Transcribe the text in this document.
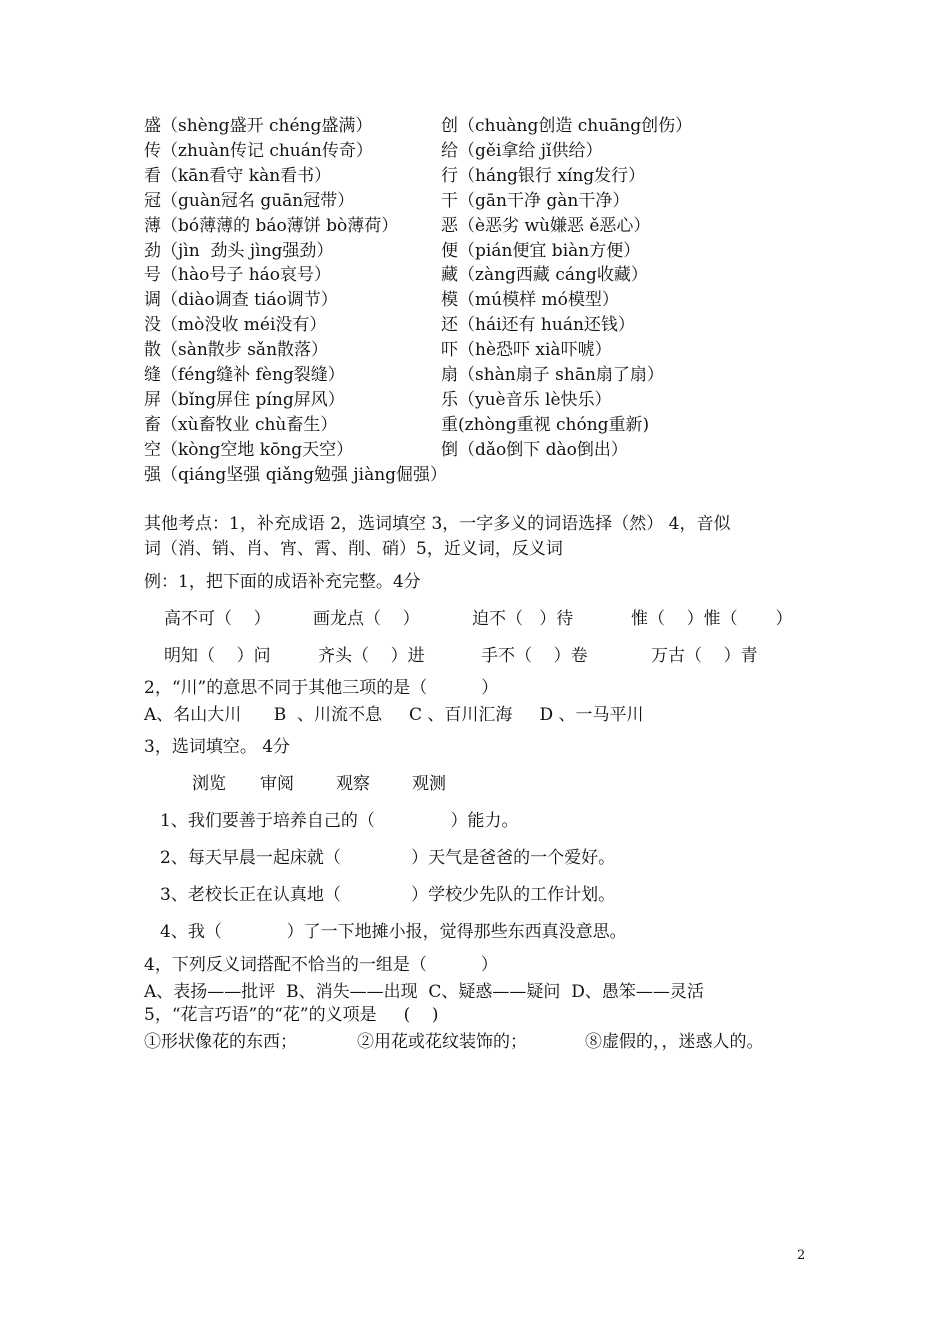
盛（shèng盛开 chéng盛满）	创（chuàng创造 chuāng创伤）
传（zhuàn传记 chuán传奇）	给（gěi拿给 jǐ供给）
看（kān看守 kàn看书）	行（háng银行 xíng发行）
冠（guàn冠名 guān冠带）	干（gān干净 gàn干净）
薄（bó薄薄的 báo薄饼 bò薄荷）	恶（è恶劣 wù嫌恶 ě恶心）
劲（jìn  劲头 jìng强劲）	便（pián便宜 biàn方便）
号（hào号子 háo哀号）	藏（zàng西藏 cáng收藏）
调（diào调查 tiáo调节）	模（mú模样 mó模型）
没（mò没收 méi没有）	还（hái还有 huán还钱）
散（sàn散步 sǎn散落）	吓（hè恐吓 xià吓唬）
缝（féng缝补 fèng裂缝）	扇（shàn扇子 shān扇了扇）
屏（bǐng屏住 píng屏风）	乐（yuè音乐 lè快乐）
畜（xù畜牧业 chù畜生）	重(zhòng重视 chóng重新)
空（kòng空地 kōng天空）	倒（dǎo倒下 dào倒出）
强（qiáng坚强 qiǎng勉强 jiàng倔强）
其他考点：1，补充成语 2，选词填空 3，一字多义的词语选择（然） 4，音似
词（消、销、肖、宵、霄、削、硝）5，近义词，反义词
例：1，把下面的成语补充完整。4分
高不可（    ） 画龙点（    ）	迫不（   ）待	惟（    ）惟（       ）
明知（    ）问	齐头（    ）进	手不（    ）卷	万古（    ）青
2，“川”的意思不同于其他三项的是（          ）
A、名山大川      B  、川流不息     C 、百川汇海     D 、一马平川
3，选词填空。 4分
浏览 审阅 观察 观测
1、我们要善于培养自己的（              ）能力。
2、每天早晨一起床就（             ）天气是爸爸的一个爱好。
3、老校长正在认真地（             ）学校少先队的工作计划。
4、我（            ）了一下地摊小报，觉得那些东西真没意思。
4，下列反义词搭配不恰当的一组是（          ）
A、表扬——批评  B、消失——出现  C、疑惑——疑问  D、愚笨——灵活
5，“花言巧语”的“花”的义项是     (    )
①形状像花的东西；	②用花或花纹装饰的；	⑧虚假的，，迷惑人的。
2
